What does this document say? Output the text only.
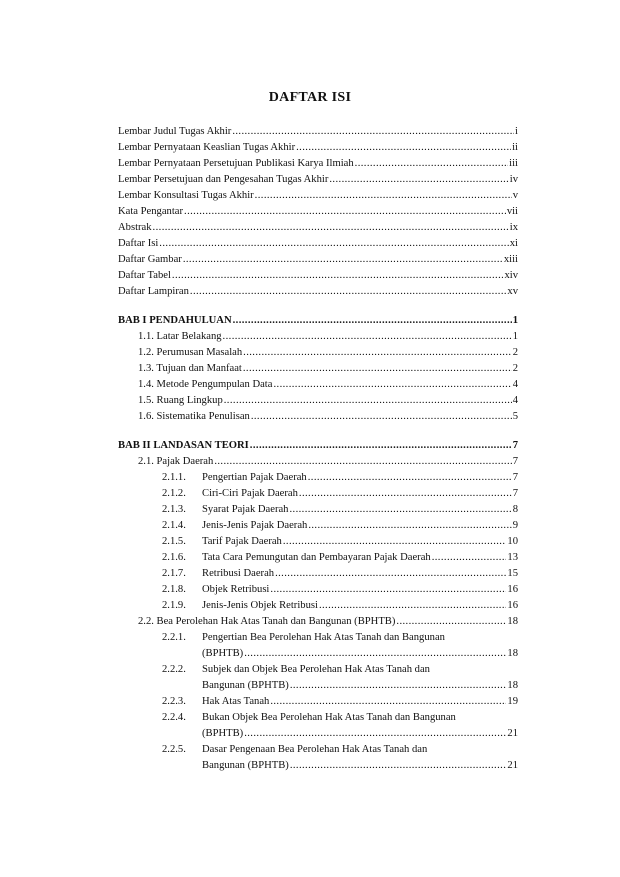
DAFTAR ISI
Lembar Judul Tugas Akhir .....	i
Lembar Pernyataan Keaslian Tugas Akhir .....	ii
Lembar Pernyataan Persetujuan Publikasi Karya Ilmiah .....	iii
Lembar Persetujuan dan Pengesahan Tugas Akhir .....	iv
Lembar Konsultasi Tugas Akhir .....	v
Kata Pengantar .....	vii
Abstrak .....	ix
Daftar Isi .....	xi
Daftar Gambar .....	xiii
Daftar Tabel .....	xiv
Daftar Lampiran .....	xv
BAB I PENDAHULUAN .....	1
1.1. Latar Belakang .....	1
1.2. Perumusan Masalah .....	2
1.3. Tujuan dan Manfaat .....	2
1.4. Metode Pengumpulan Data .....	4
1.5. Ruang Lingkup .....	4
1.6. Sistematika Penulisan .....	5
BAB II LANDASAN TEORI .....	7
2.1. Pajak Daerah .....	7
2.1.1. Pengertian Pajak Daerah .....	7
2.1.2. Ciri-Ciri Pajak Daerah .....	7
2.1.3. Syarat Pajak Daerah .....	8
2.1.4. Jenis-Jenis Pajak Daerah .....	9
2.1.5. Tarif Pajak Daerah .....	10
2.1.6. Tata Cara Pemungutan dan Pembayaran Pajak Daerah .....	13
2.1.7. Retribusi Daerah .....	15
2.1.8. Objek Retribusi .....	16
2.1.9. Jenis-Jenis Objek Retribusi .....	16
2.2. Bea Perolehan Hak Atas Tanah dan Bangunan (BPHTB) .....	18
2.2.1.	Pengertian Bea Perolehan Hak Atas Tanah dan Bangunan
(BPHTB) .....	18
2.2.2.	Subjek dan Objek Bea Perolehan Hak Atas Tanah dan
Bangunan (BPHTB) .....	18
2.2.3. Hak Atas Tanah .....	19
2.2.4.	Bukan Objek Bea Perolehan Hak Atas Tanah dan Bangunan
(BPHTB) .....	21
2.2.5.	Dasar Pengenaan Bea Perolehan Hak Atas Tanah dan
Bangunan (BPHTB) .....	21
